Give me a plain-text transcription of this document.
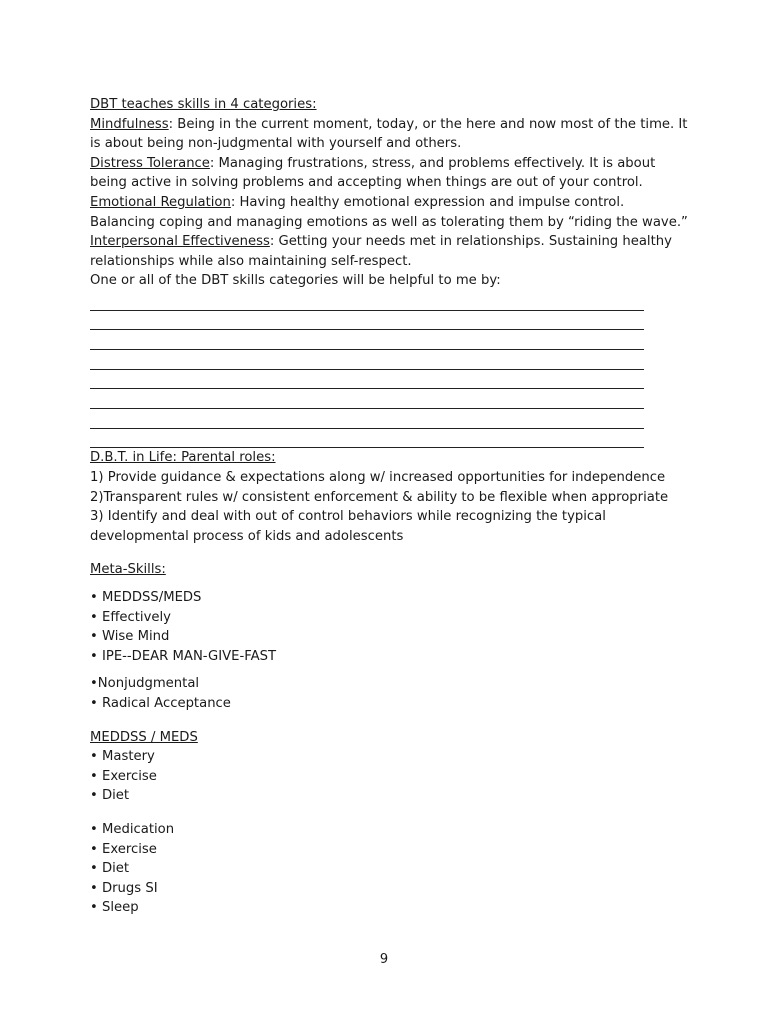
DBT teaches skills in 4 categories:

Mindfulness: Being in the current moment, today, or the here and now most of the time. It is about being non-judgmental with yourself and others.

Distress Tolerance: Managing frustrations, stress, and problems effectively. It is about being active in solving problems and accepting when things are out of your control.

Emotional Regulation: Having healthy emotional expression and impulse control. Balancing coping and managing emotions as well as tolerating them by “riding the wave.”

Interpersonal Effectiveness: Getting your needs met in relationships. Sustaining healthy relationships while also maintaining self-respect.

One or all of the DBT skills categories will be helpful to me by:

D.B.T. in Life: Parental roles:

1) Provide guidance & expectations along w/ increased opportunities for independence

2)Transparent rules w/ consistent enforcement & ability to be flexible when appropriate

3) Identify and deal with out of control behaviors while recognizing the typical developmental process of kids and adolescents

Meta-Skills:

• MEDDSS/MEDS

• Effectively

• Wise Mind

• IPE--DEAR MAN-GIVE-FAST

•Nonjudgmental

• Radical Acceptance

MEDDSS / MEDS

• Mastery

• Exercise

• Diet

• Medication

• Exercise

• Diet

• Drugs SI

• Sleep

9
